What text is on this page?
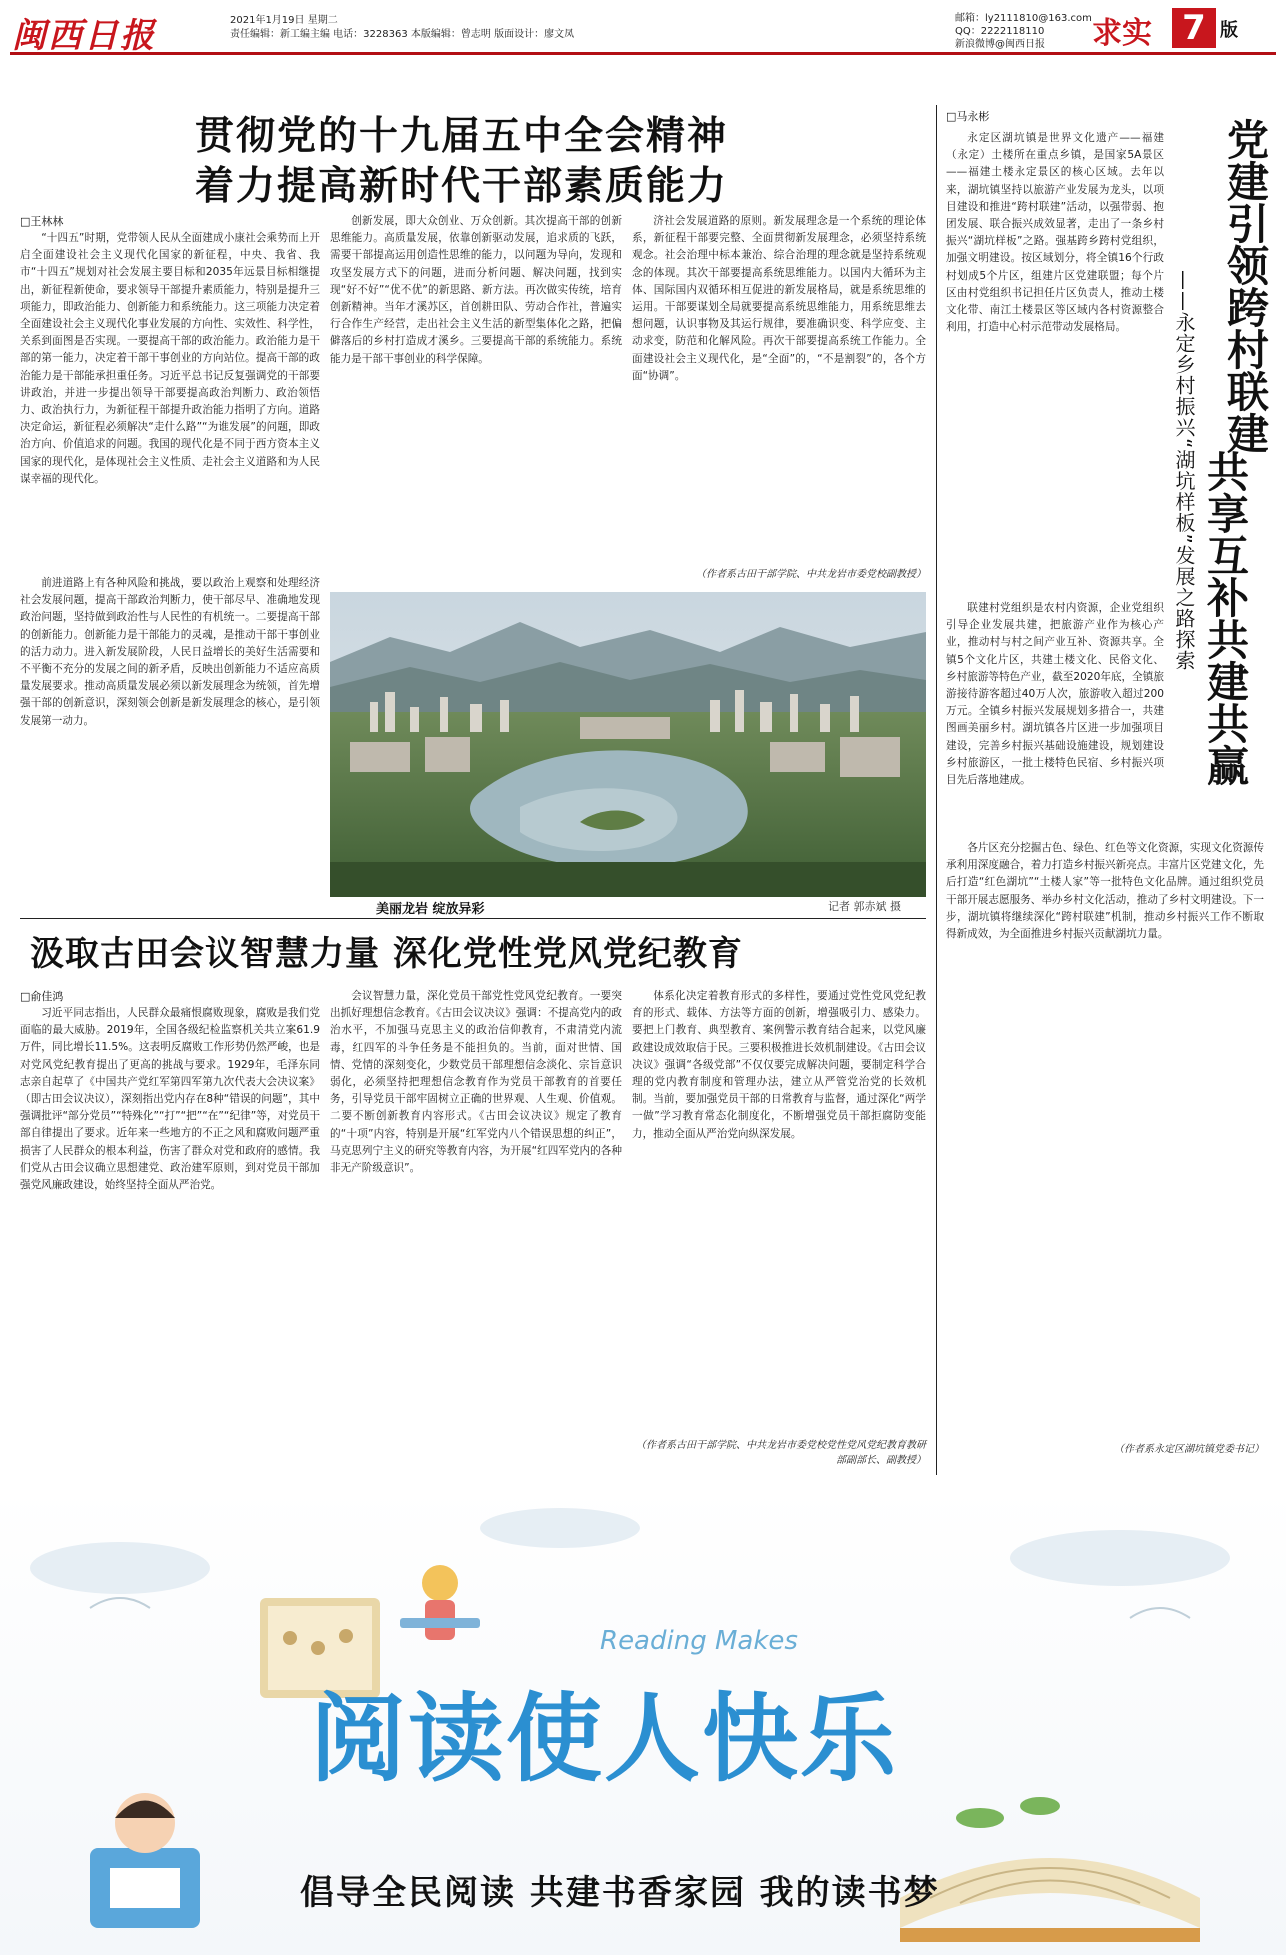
闽西日报	2021年1月19日 星期二
责任编辑：新工编主编 电话：3228363 本版编辑：曾志明 版面设计：廖文凤
邮箱：ly2111810@163.com
QQ：2222118110
新浪微博@闽西日报	求实 7 版
贯彻党的十九届五中全会精神
着力提高新时代干部素质能力
□王林林

“十四五”时期，党带领人民从全面建成小康社会乘势而上开启全面建设社会主义现代化国家的新征程，中央、我省、我市“十四五”规划对社会发展主要目标和2035年远景目标相继提出，新征程新使命，要求领导干部提升素质能力，特别是提升三项能力，即政治能力、创新能力和系统能力。这三项能力决定着全面建设社会主义现代化事业发展的方向性、实效性、科学性，关系到面图是否实现。一要提高干部的政治能力。政治能力是干部的第一能力，决定着干部干事创业的方向站位。提高干部的政治能力是干部能承担重任务。习近平总书记反复强调党的干部要讲政治，并进一步提出领导干部要提高政治判断力、政治领悟力、政治执行力，为新征程干部提升政治能力指明了方向。道路决定命运，新征程必须解决“走什么路”“为谁发展”的问题，即政治方向、价值追求的问题。我国的现代化是不同于西方资本主义国家的现代化，是体现社会主义性质、走社会主义道路和为人民谋幸福的现代化。

前进道路上有各种风险和挑战，要以政治上观察和处理经济社会发展问题，提高干部政治判断力，使干部尽早、准确地发现政治问题，坚持做到政治性与人民性的有机统一。二要提高干部的创新能力。创新能力是干部能力的灵魂，是推动干部干事创业的活力动力。进入新发展阶段，人民日益增长的美好生活需要和不平衡不充分的发展之间的新矛盾，反映出创新能力不适应高质量发展要求。推动高质量发展必须以新发展理念为统领，首先增强干部的创新意识，深刻领会创新是新发展理念的核心，是引领发展第一动力。

创新发展，即大众创业、万众创新。其次提高干部的创新思维能力。高质量发展，依靠创新驱动发展，追求质的飞跃，需要干部提高运用创造性思维的能力，以问题为导向，发现和攻坚发展方式下的问题，进而分析问题、解决问题，找到实现“好不好”“优不优”的新思路、新方法。再次做实传统，培育创新精神。当年才溪苏区，首创耕田队、劳动合作社，普遍实行合作生产经营，走出社会主义生活的新型集体化之路，把偏僻落后的乡村打造成才溪乡。三要提高干部的系统能力。系统能力是干部干事创业的科学保障。

济社会发展道路的原则。新发展理念是一个系统的理论体系，新征程干部要完整、全面贯彻新发展理念，必须坚持系统观念。社会治理中标本兼治、综合治理的理念就是坚持系统观念的体现。其次干部要提高系统思维能力。以国内大循环为主体、国际国内双循环相互促进的新发展格局，就是系统思维的运用。干部要谋划全局就要提高系统思维能力，用系统思维去想问题，认识事物及其运行规律，要准确识变、科学应变、主动求变，防范和化解风险。再次干部要提高系统工作能力。全面建设社会主义现代化，是“全面”的，“不是割裂”的，各个方面“协调”。

（作者系古田干部学院、中共龙岩市委党校副教授）
美丽龙岩 绽放异彩	记者 郭赤斌 摄
汲取古田会议智慧力量 深化党性党风党纪教育
□俞佳鸿

习近平同志指出，人民群众最痛恨腐败现象，腐败是我们党面临的最大威胁。2019年，全国各级纪检监察机关共立案61.9万件，同比增长11.5%。这表明反腐败工作形势仍然严峻，也是对党风党纪教育提出了更高的挑战与要求。1929年，毛泽东同志亲自起草了《中国共产党红军第四军第九次代表大会决议案》（即古田会议决议），深刻指出党内存在8种“错误的问题”，其中强调批评“部分党员”“特殊化”“打”“把”“在”“纪律”等，对党员干部自律提出了要求。近年来一些地方的不正之风和腐败问题严重损害了人民群众的根本利益，伤害了群众对党和政府的感情。我们党从古田会议确立思想建党、政治建军原则，到对党员干部加强党风廉政建设，始终坚持全面从严治党。

会议智慧力量，深化党员干部党性党风党纪教育。一要突出抓好理想信念教育。《古田会议决议》强调：不提高党内的政治水平，不加强马克思主义的政治信仰教育，不肃清党内流毒，红四军的斗争任务是不能担负的。当前，面对世情、国情、党情的深刻变化，少数党员干部理想信念淡化、宗旨意识弱化，必须坚持把理想信念教育作为党员干部教育的首要任务，引导党员干部牢固树立正确的世界观、人生观、价值观。二要不断创新教育内容形式。《古田会议决议》规定了教育的“十项”内容，特别是开展“红军党内八个错误思想的纠正”，马克思列宁主义的研究等教育内容，为开展“红四军党内的各种非无产阶级意识”。

体系化决定着教育形式的多样性，要通过党性党风党纪教育的形式、载体、方法等方面的创新，增强吸引力、感染力。要把上门教育、典型教育、案例警示教育结合起来，以党风廉政建设成效取信于民。三要积极推进长效机制建设。《古田会议决议》强调“各级党部”不仅仅要完成解决问题，要制定科学合理的党内教育制度和管理办法，建立从严管党治党的长效机制。当前，要加强党员干部的日常教育与监督，通过深化“两学一做”学习教育常态化制度化，不断增强党员干部拒腐防变能力，推动全面从严治党向纵深发展。

（作者系古田干部学院、中共龙岩市委党校党性党风党纪教育教研部副部长、副教授）
□马永彬
党建引领跨村联建
共享互补共建共赢
——永定乡村振兴“湖坑样板”发展之路探索

永定区湖坑镇是世界文化遗产——福建（永定）土楼所在重点乡镇，是国家5A景区——福建土楼永定景区的核心区域。去年以来，湖坑镇坚持以旅游产业发展为龙头，以项目建设和推进“跨村联建”活动，以强带弱、抱团发展、联合振兴成效显著，走出了一条乡村振兴“湖坑样板”之路。强基跨乡跨村党组织，加强文明建设。按区域划分，将全镇16个行政村划成5个片区，组建片区党建联盟；每个片区由村党组织书记担任片区负责人，推动土楼文化带、南江土楼景区等区域内各村资源整合利用，打造中心村示范带动发展格局。

联建村党组织是农村内资源，企业党组织引导企业发展共建，把旅游产业作为核心产业，推动村与村之间产业互补、资源共享。全镇5个文化片区，共建土楼文化、民俗文化、乡村旅游等特色产业，截至2020年底，全镇旅游接待游客超过40万人次，旅游收入超过200万元。全镇乡村振兴发展规划多措合一，共建图画美丽乡村。湖坑镇各片区进一步加强项目建设，完善乡村振兴基础设施建设，规划建设乡村旅游区，一批土楼特色民宿、乡村振兴项目先后落地建成。

各片区充分挖掘古色、绿色、红色等文化资源，实现文化资源传承利用深度融合，着力打造乡村振兴新亮点。丰富片区党建文化，先后打造“红色湖坑”“土楼人家”等一批特色文化品牌。通过组织党员干部开展志愿服务、举办乡村文化活动，推动了乡村文明建设。下一步，湖坑镇将继续深化“跨村联建”机制，推动乡村振兴工作不断取得新成效，为全面推进乡村振兴贡献湖坑力量。

（作者系永定区湖坑镇党委书记）
阅读使人快乐
Reading Makes
倡导全民阅读 共建书香家园 我的读书梦
